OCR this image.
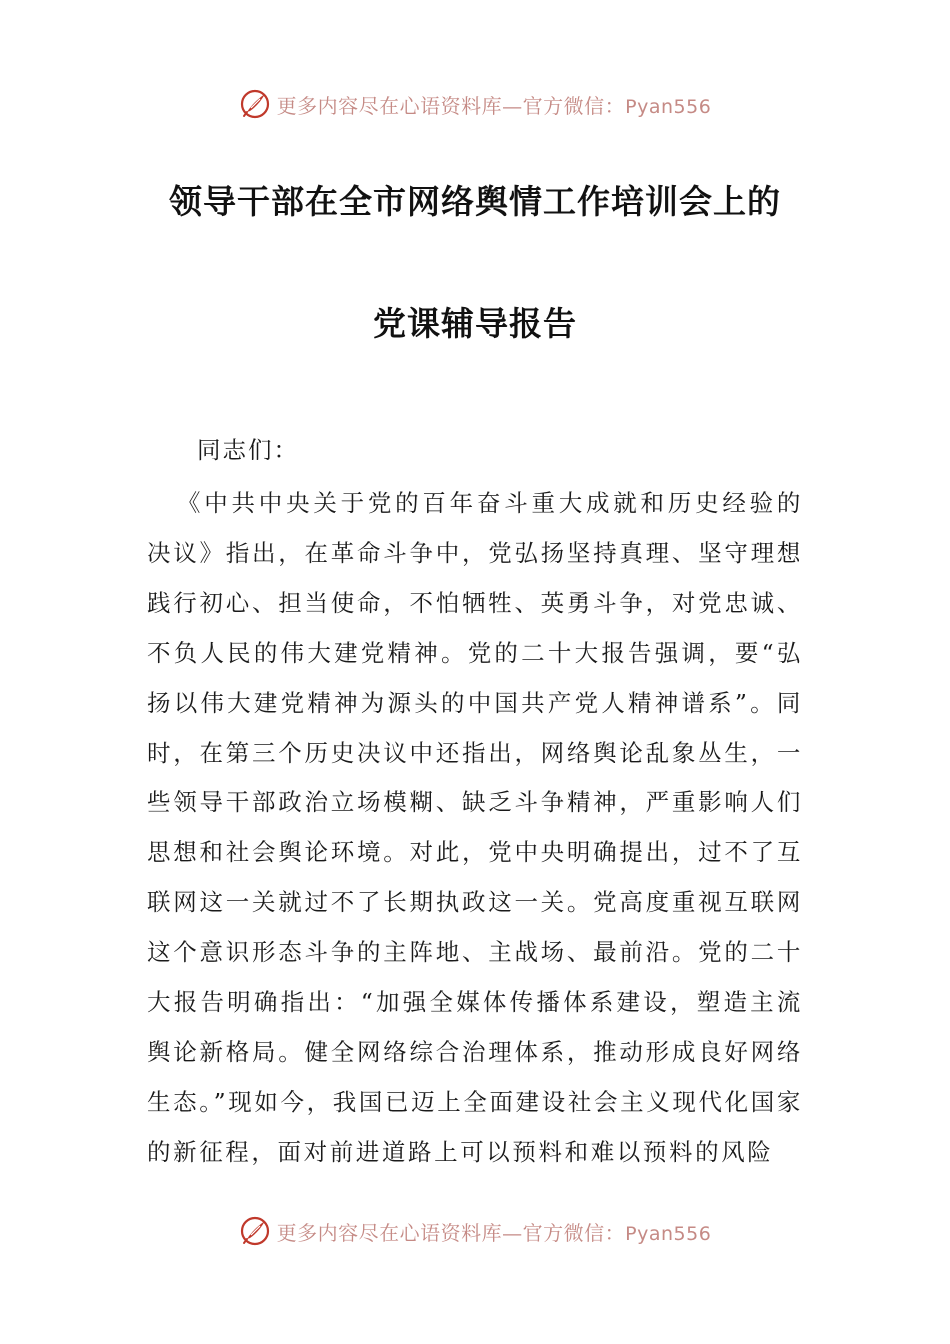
更多内容尽在心语资料库—官方微信：Pyan556
领导干部在全市网络舆情工作培训会上的
党课辅导报告
同志们：
《中共中央关于党的百年奋斗重大成就和历史经验的决议》指出，在革命斗争中，党弘扬坚持真理、坚守理想践行初心、担当使命，不怕牺牲、英勇斗争，对党忠诚、不负人民的伟大建党精神。党的二十大报告强调，要“弘扬以伟大建党精神为源头的中国共产党人精神谱系”。同时，在第三个历史决议中还指出，网络舆论乱象丛生，一些领导干部政治立场模糊、缺乏斗争精神，严重影响人们思想和社会舆论环境。对此，党中央明确提出，过不了互联网这一关就过不了长期执政这一关。党高度重视互联网这个意识形态斗争的主阵地、主战场、最前沿。党的二十大报告明确指出：“加强全媒体传播体系建设，塑造主流舆论新格局。健全网络综合治理体系，推动形成良好网络生态。”现如今，我国已迈上全面建设社会主义现代化国家的新征程，面对前进道路上可以预料和难以预料的风险
更多内容尽在心语资料库—官方微信：Pyan556
